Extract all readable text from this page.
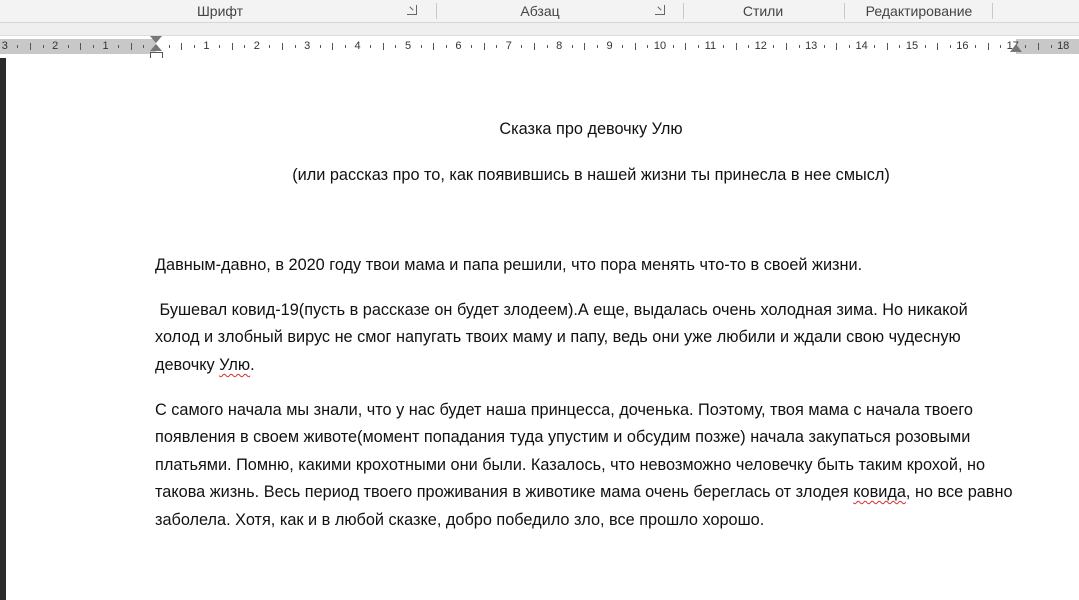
Шрифт	Абзац	Стили	Редактирование
3	2	1	1	2	3	4	5	6	7	8	9	10	11	12	13	14	15	16	17	18
Сказка про девочку Улю
(или рассказ про то, как появившись в нашей жизни ты принесла в нее смысл)
Давным-давно, в 2020 году твои мама и папа решили, что пора менять что-то в своей жизни.
Бушевал ковид-19(пусть в рассказе он будет злодеем).А еще, выдалась очень холодная зима. Но никакой холод и злобный вирус не смог напугать твоих маму и папу, ведь они уже любили и ждали свою чудесную девочку Улю.
С самого начала мы знали, что у нас будет наша принцесса, доченька. Поэтому, твоя мама с начала твоего появления в своем животе(момент попадания туда упустим и обсудим позже) начала закупаться розовыми платьями. Помню, какими крохотными они были. Казалось, что невозможно человечку быть таким крохой, но такова жизнь. Весь период твоего проживания в животике мама очень береглась от злодея ковида, но все равно заболела. Хотя, как и в любой сказке, добро победило зло, все прошло хорошо.
